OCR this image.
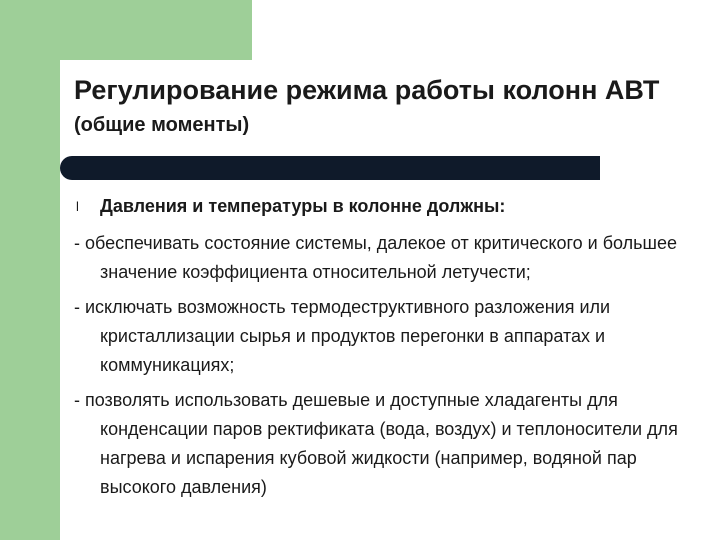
Регулирование режима работы колонн АВТ (общие моменты)
l Давления и температуры в колонне должны:
- обеспечивать состояние системы, далекое от критического и большее значение коэффициента относительной летучести;
- исключать возможность термодеструктивного разложения или кристаллизации сырья и продуктов перегонки в аппаратах и коммуникациях;
- позволять использовать дешевые и доступные хладагенты для конденсации паров ректификата (вода, воздух) и теплоносители для нагрева и испарения кубовой жидкости (например, водяной пар высокого давления)
